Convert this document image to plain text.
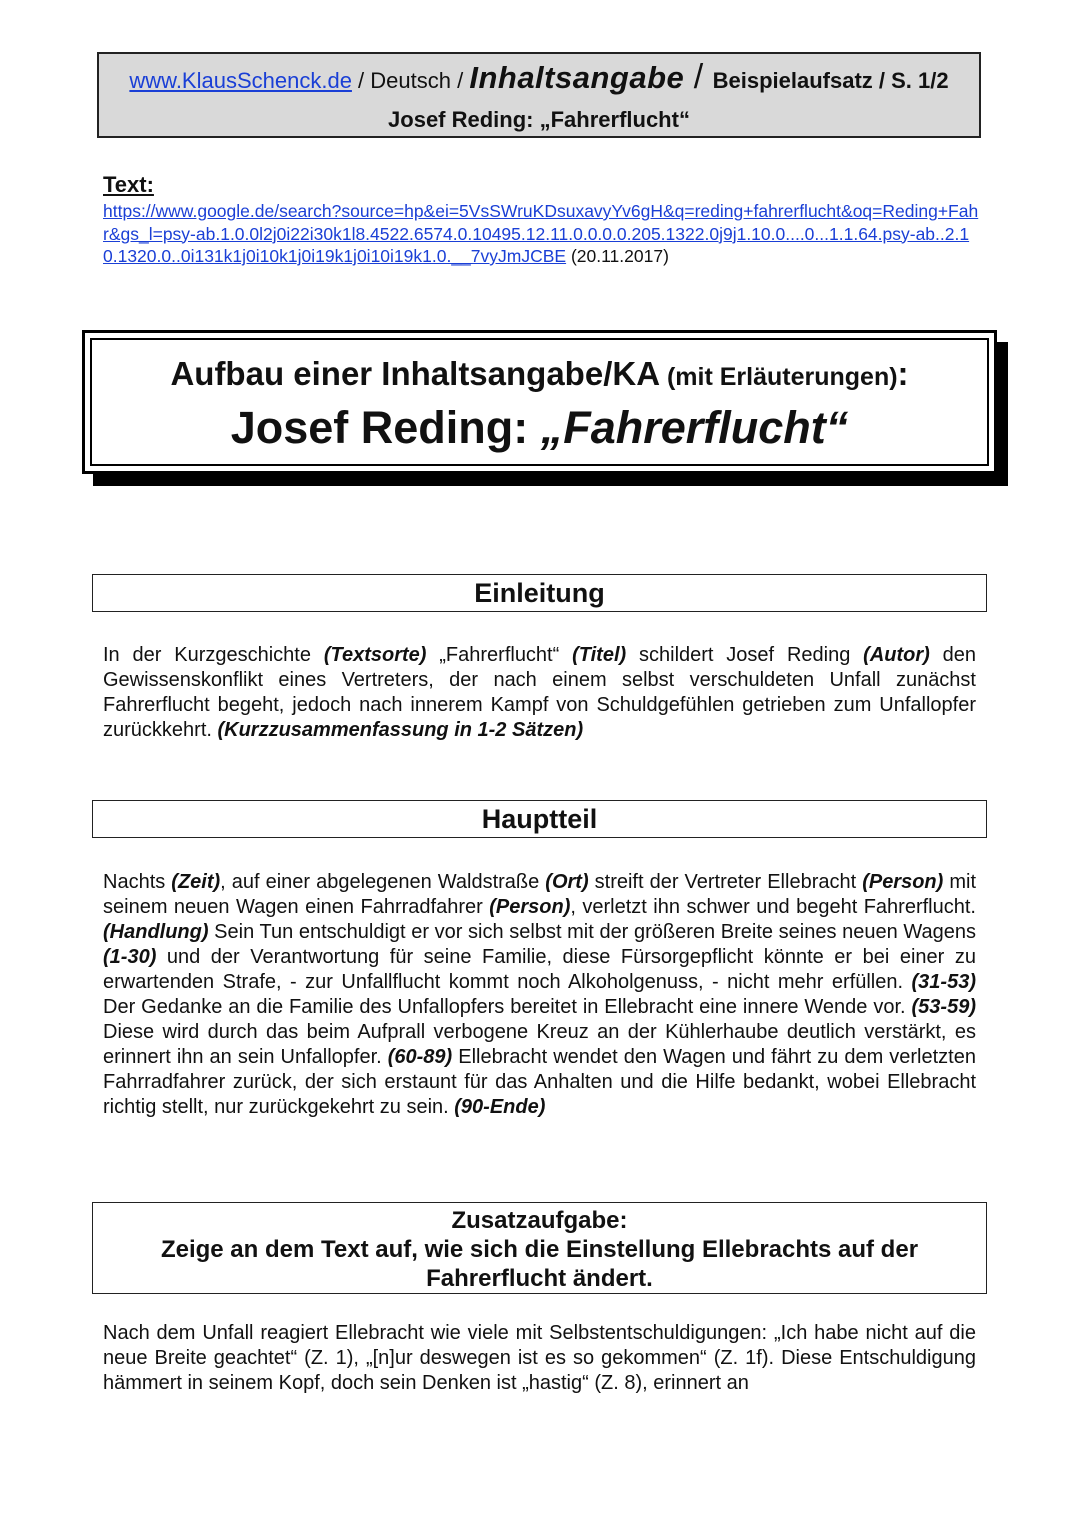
www.KlausSchenck.de / Deutsch / Inhaltsangabe / Beispielaufsatz / S. 1/2
Josef Reding: „Fahrerflucht“
Text:
https://www.google.de/search?source=hp&ei=5VsSWruKDsuxavyYv6gH&q=reding+fahrerflucht&oq=Reding+Fahr&gs_l=psy-ab.1.0.0l2j0i22i30k1l8.4522.6574.0.10495.12.11.0.0.0.0.205.1322.0j9j1.10.0....0...1.1.64.psy-ab..2.10.1320.0..0i131k1j0i10k1j0i19k1j0i10i19k1.0.__7vyJmJCBE (20.11.2017)
Aufbau einer Inhaltsangabe/KA (mit Erläuterungen):
Josef Reding: „Fahrerflucht“
Einleitung
In der Kurzgeschichte (Textsorte) „Fahrerflucht“ (Titel) schildert Josef Reding (Autor) den Gewissenskonflikt eines Vertreters, der nach einem selbst verschuldeten Unfall zunächst Fahrerflucht begeht, jedoch nach innerem Kampf von Schuldgefühlen getrieben zum Unfallopfer zurückkehrt. (Kurzzusammenfassung in 1-2 Sätzen)
Hauptteil
Nachts (Zeit), auf einer abgelegenen Waldstraße (Ort) streift der Vertreter Ellebracht (Person) mit seinem neuen Wagen einen Fahrradfahrer (Person), verletzt ihn schwer und begeht Fahrerflucht. (Handlung) Sein Tun entschuldigt er vor sich selbst mit der größeren Breite seines neuen Wagens (1-30) und der Verantwortung für seine Familie, diese Fürsorgepflicht könnte er bei einer zu erwartenden Strafe, - zur Unfallflucht kommt noch Alkoholgenuss, - nicht mehr erfüllen. (31-53) Der Gedanke an die Familie des Unfallopfers bereitet in Ellebracht eine innere Wende vor. (53-59) Diese wird durch das beim Aufprall verbogene Kreuz an der Kühlerhaube deutlich verstärkt, es erinnert ihn an sein Unfallopfer. (60-89) Ellebracht wendet den Wagen und fährt zu dem verletzten Fahrradfahrer zurück, der sich erstaunt für das Anhalten und die Hilfe bedankt, wobei Ellebracht richtig stellt, nur zurückgekehrt zu sein. (90-Ende)
Zusatzaufgabe:
Zeige an dem Text auf, wie sich die Einstellung Ellebrachts auf der
Fahrerflucht ändert.
Nach dem Unfall reagiert Ellebracht wie viele mit Selbstentschuldigungen: „Ich habe nicht auf die neue Breite geachtet“ (Z. 1), „[n]ur deswegen ist es so gekommen“ (Z. 1f). Diese Entschuldigung hämmert in seinem Kopf, doch sein Denken ist „hastig“ (Z. 8), erinnert an
